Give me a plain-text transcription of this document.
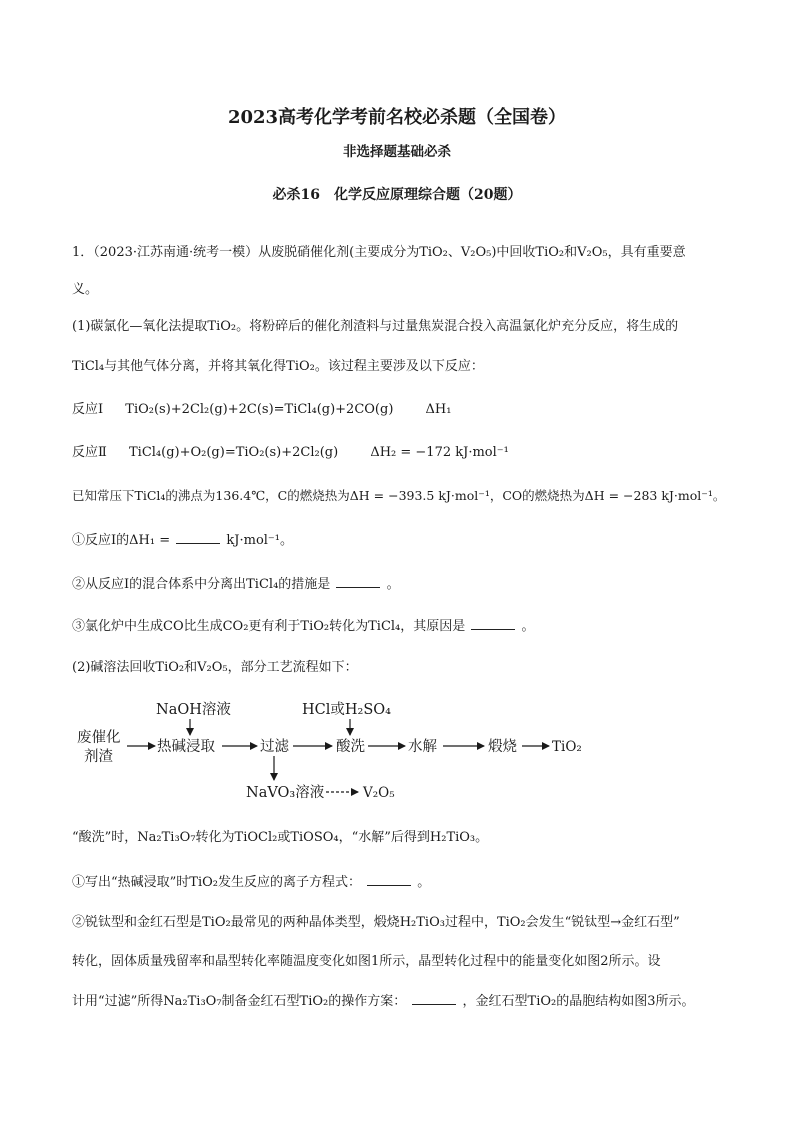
2023高考化学考前名校必杀题（全国卷）
非选择题基础必杀
必杀16　化学反应原理综合题（20题）
1．（2023·江苏南通·统考一模）从废脱硝催化剂(主要成分为TiO₂、V₂O₅)中回收TiO₂和V₂O₅，具有重要意
义。
(1)碳氯化—氧化法提取TiO₂。将粉碎后的催化剂渣料与过量焦炭混合投入高温氯化炉充分反应，将生成的
TiCl₄与其他气体分离，并将其氧化得TiO₂。该过程主要涉及以下反应：
反应Ⅰ TiO₂(s)+2Cl₂(g)+2C(s)=TiCl₄(g)+2CO(g) ΔH₁
反应Ⅱ TiCl₄(g)+O₂(g)=TiO₂(s)+2Cl₂(g) ΔH₂ = −172 kJ·mol⁻¹
已知常压下TiCl₄的沸点为136.4℃，C的燃烧热为ΔH = −393.5 kJ·mol⁻¹，CO的燃烧热为ΔH = −283 kJ·mol⁻¹。
①反应Ⅰ的ΔH₁ =	kJ·mol⁻¹。
②从反应Ⅰ的混合体系中分离出TiCl₄的措施是	。
③氯化炉中生成CO比生成CO₂更有利于TiO₂转化为TiCl₄，其原因是	。
(2)碱溶法回收TiO₂和V₂O₅，部分工艺流程如下：
废催化
剂渣
NaOH溶液
热碱浸取	过滤
HCl或H₂SO₄
酸洗	水解	煅烧	TiO₂
NaVO₃溶液	V₂O₅
“酸洗”时，Na₂Ti₃O₇转化为TiOCl₂或TiOSO₄，“水解”后得到H₂TiO₃。
①写出“热碱浸取”时TiO₂发生反应的离子方程式：	。
②锐钛型和金红石型是TiO₂最常见的两种晶体类型，煅烧H₂TiO₃过程中，TiO₂会发生“锐钛型→金红石型”
转化，固体质量残留率和晶型转化率随温度变化如图1所示，晶型转化过程中的能量变化如图2所示。设
计用“过滤”所得Na₂Ti₃O₇制备金红石型TiO₂的操作方案：	，金红石型TiO₂的晶胞结构如图3所示。
